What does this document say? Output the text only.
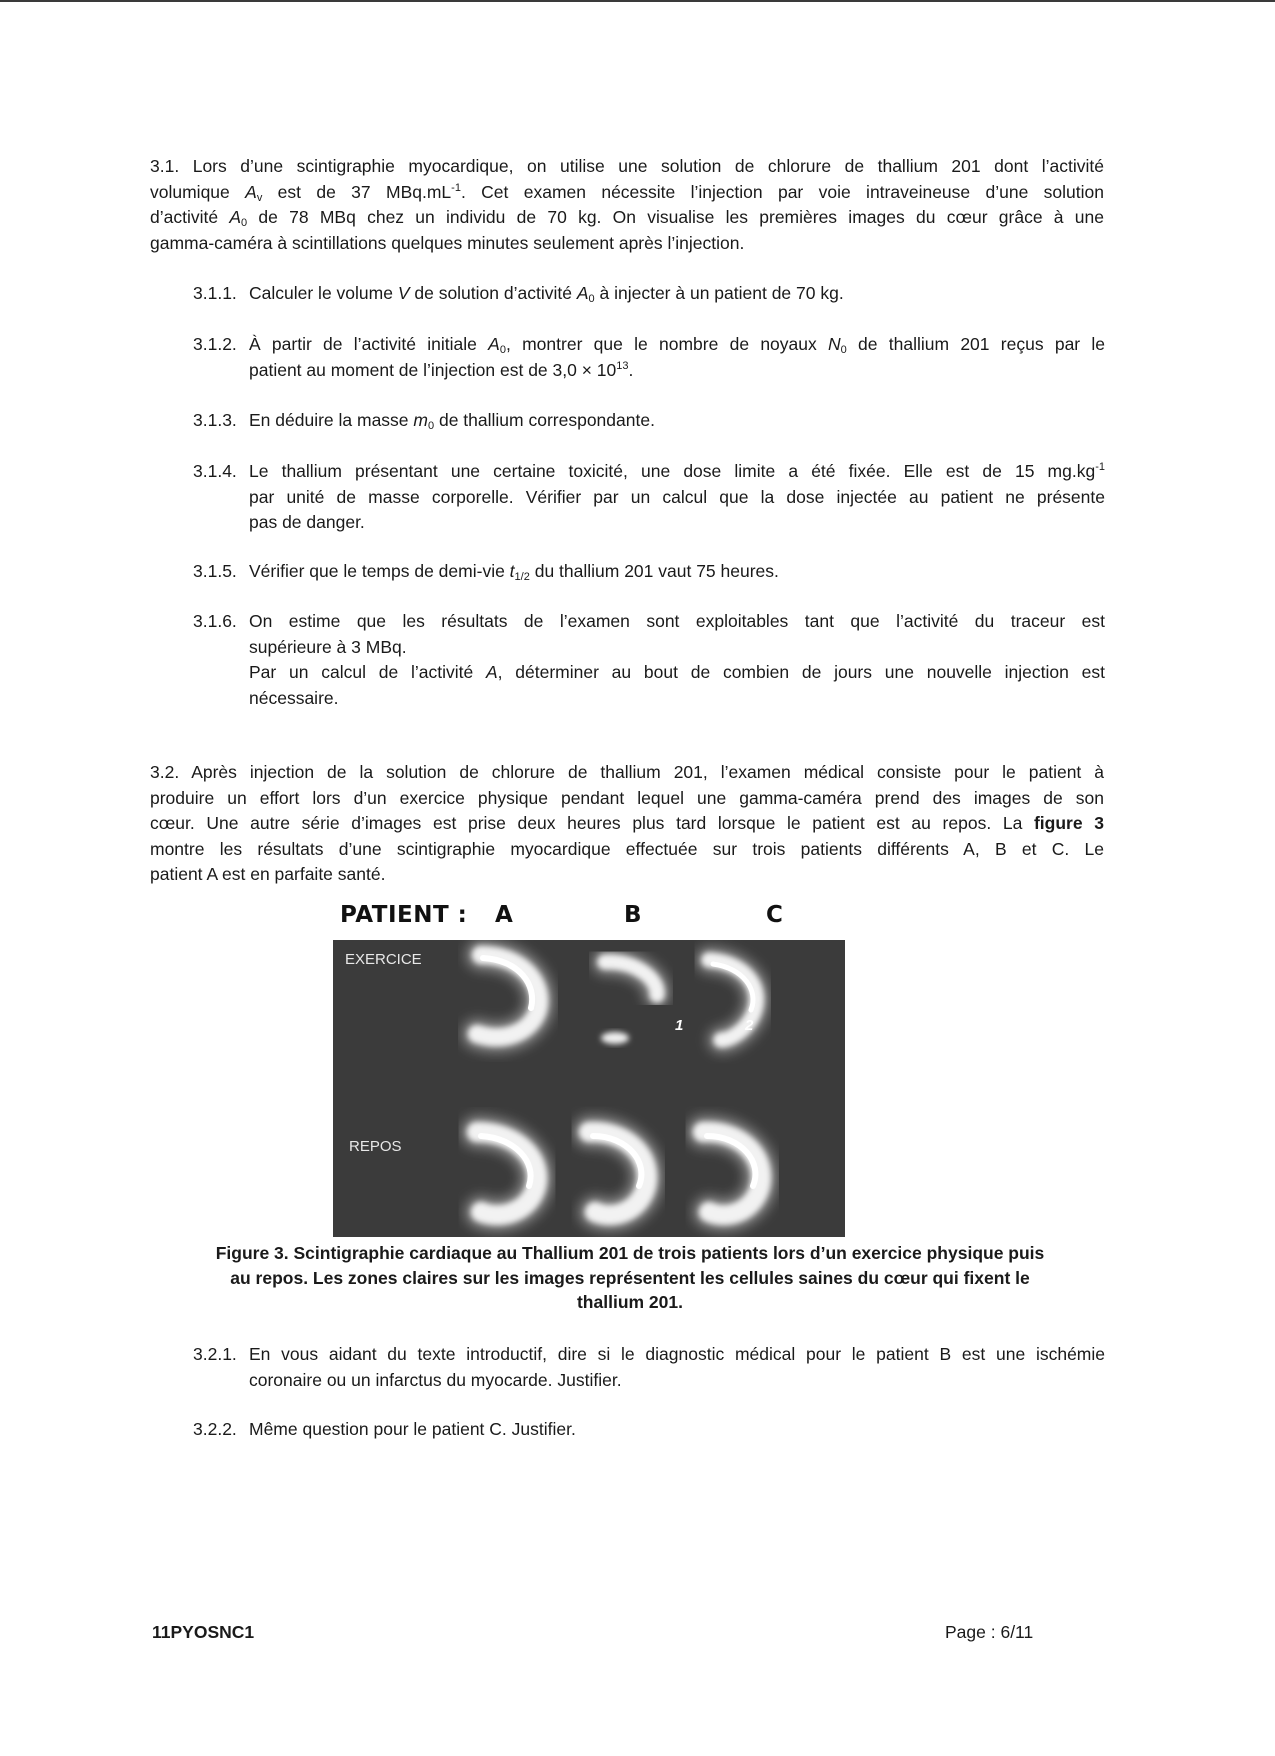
3.1. Lors d’une scintigraphie myocardique, on utilise une solution de chlorure de thallium 201 dont l’activité
volumique $A_v$ est de 37 $MBq.mL^{-1}$. Cet examen nécessite l’injection par voie intraveineuse d’une solution
d’activité $A_0$ de 78 MBq chez un individu de 70 kg. On visualise les premières images du cœur grâce à une
gamma-caméra à scintillations quelques minutes seulement après l’injection.
3.1.1. Calculer le volume V de solution d’activité $A_0$ à injecter à un patient de 70 kg.
3.1.2. À partir de l’activité initiale $A_0$, montrer que le nombre de noyaux $N_0$ de thallium 201 reçus par le
patient au moment de l’injection est de $3,0 \times 10^{13}$.
3.1.3. En déduire la masse $m_0$ de thallium correspondante.
3.1.4. Le thallium présentant une certaine toxicité, une dose limite a été fixée. Elle est de 15 $mg.kg^{-1}$
par unité de masse corporelle. Vérifier par un calcul que la dose injectée au patient ne présente
pas de danger.
3.1.5. Vérifier que le temps de demi-vie $t_{1/2}$ du thallium 201 vaut 75 heures.
3.1.6. On estime que les résultats de l’examen sont exploitables tant que l’activité du traceur est
supérieure à 3 MBq.
Par un calcul de l’activité A, déterminer au bout de combien de jours une nouvelle injection est
nécessaire.
3.2. Après injection de la solution de chlorure de thallium 201, l’examen médical consiste pour le patient à
produire un effort lors d’un exercice physique pendant lequel une gamma-caméra prend des images de son
cœur. Une autre série d’images est prise deux heures plus tard lorsque le patient est au repos. La figure 3
montre les résultats d’une scintigraphie myocardique effectuée sur trois patients différents A, B et C. Le
patient A est en parfaite santé.
PATIENT : A	B	C
EXERCICE
REPOS
1	2
Figure 3. Scintigraphie cardiaque au Thallium 201 de trois patients lors d’un exercice physique puis
au repos. Les zones claires sur les images représentent les cellules saines du cœur qui fixent le
thallium 201.
3.2.1. En vous aidant du texte introductif, dire si le diagnostic médical pour le patient B est une ischémie
coronaire ou un infarctus du myocarde. Justifier.
3.2.2. Même question pour le patient C. Justifier.
11PYOSNC1	Page : 6/11
